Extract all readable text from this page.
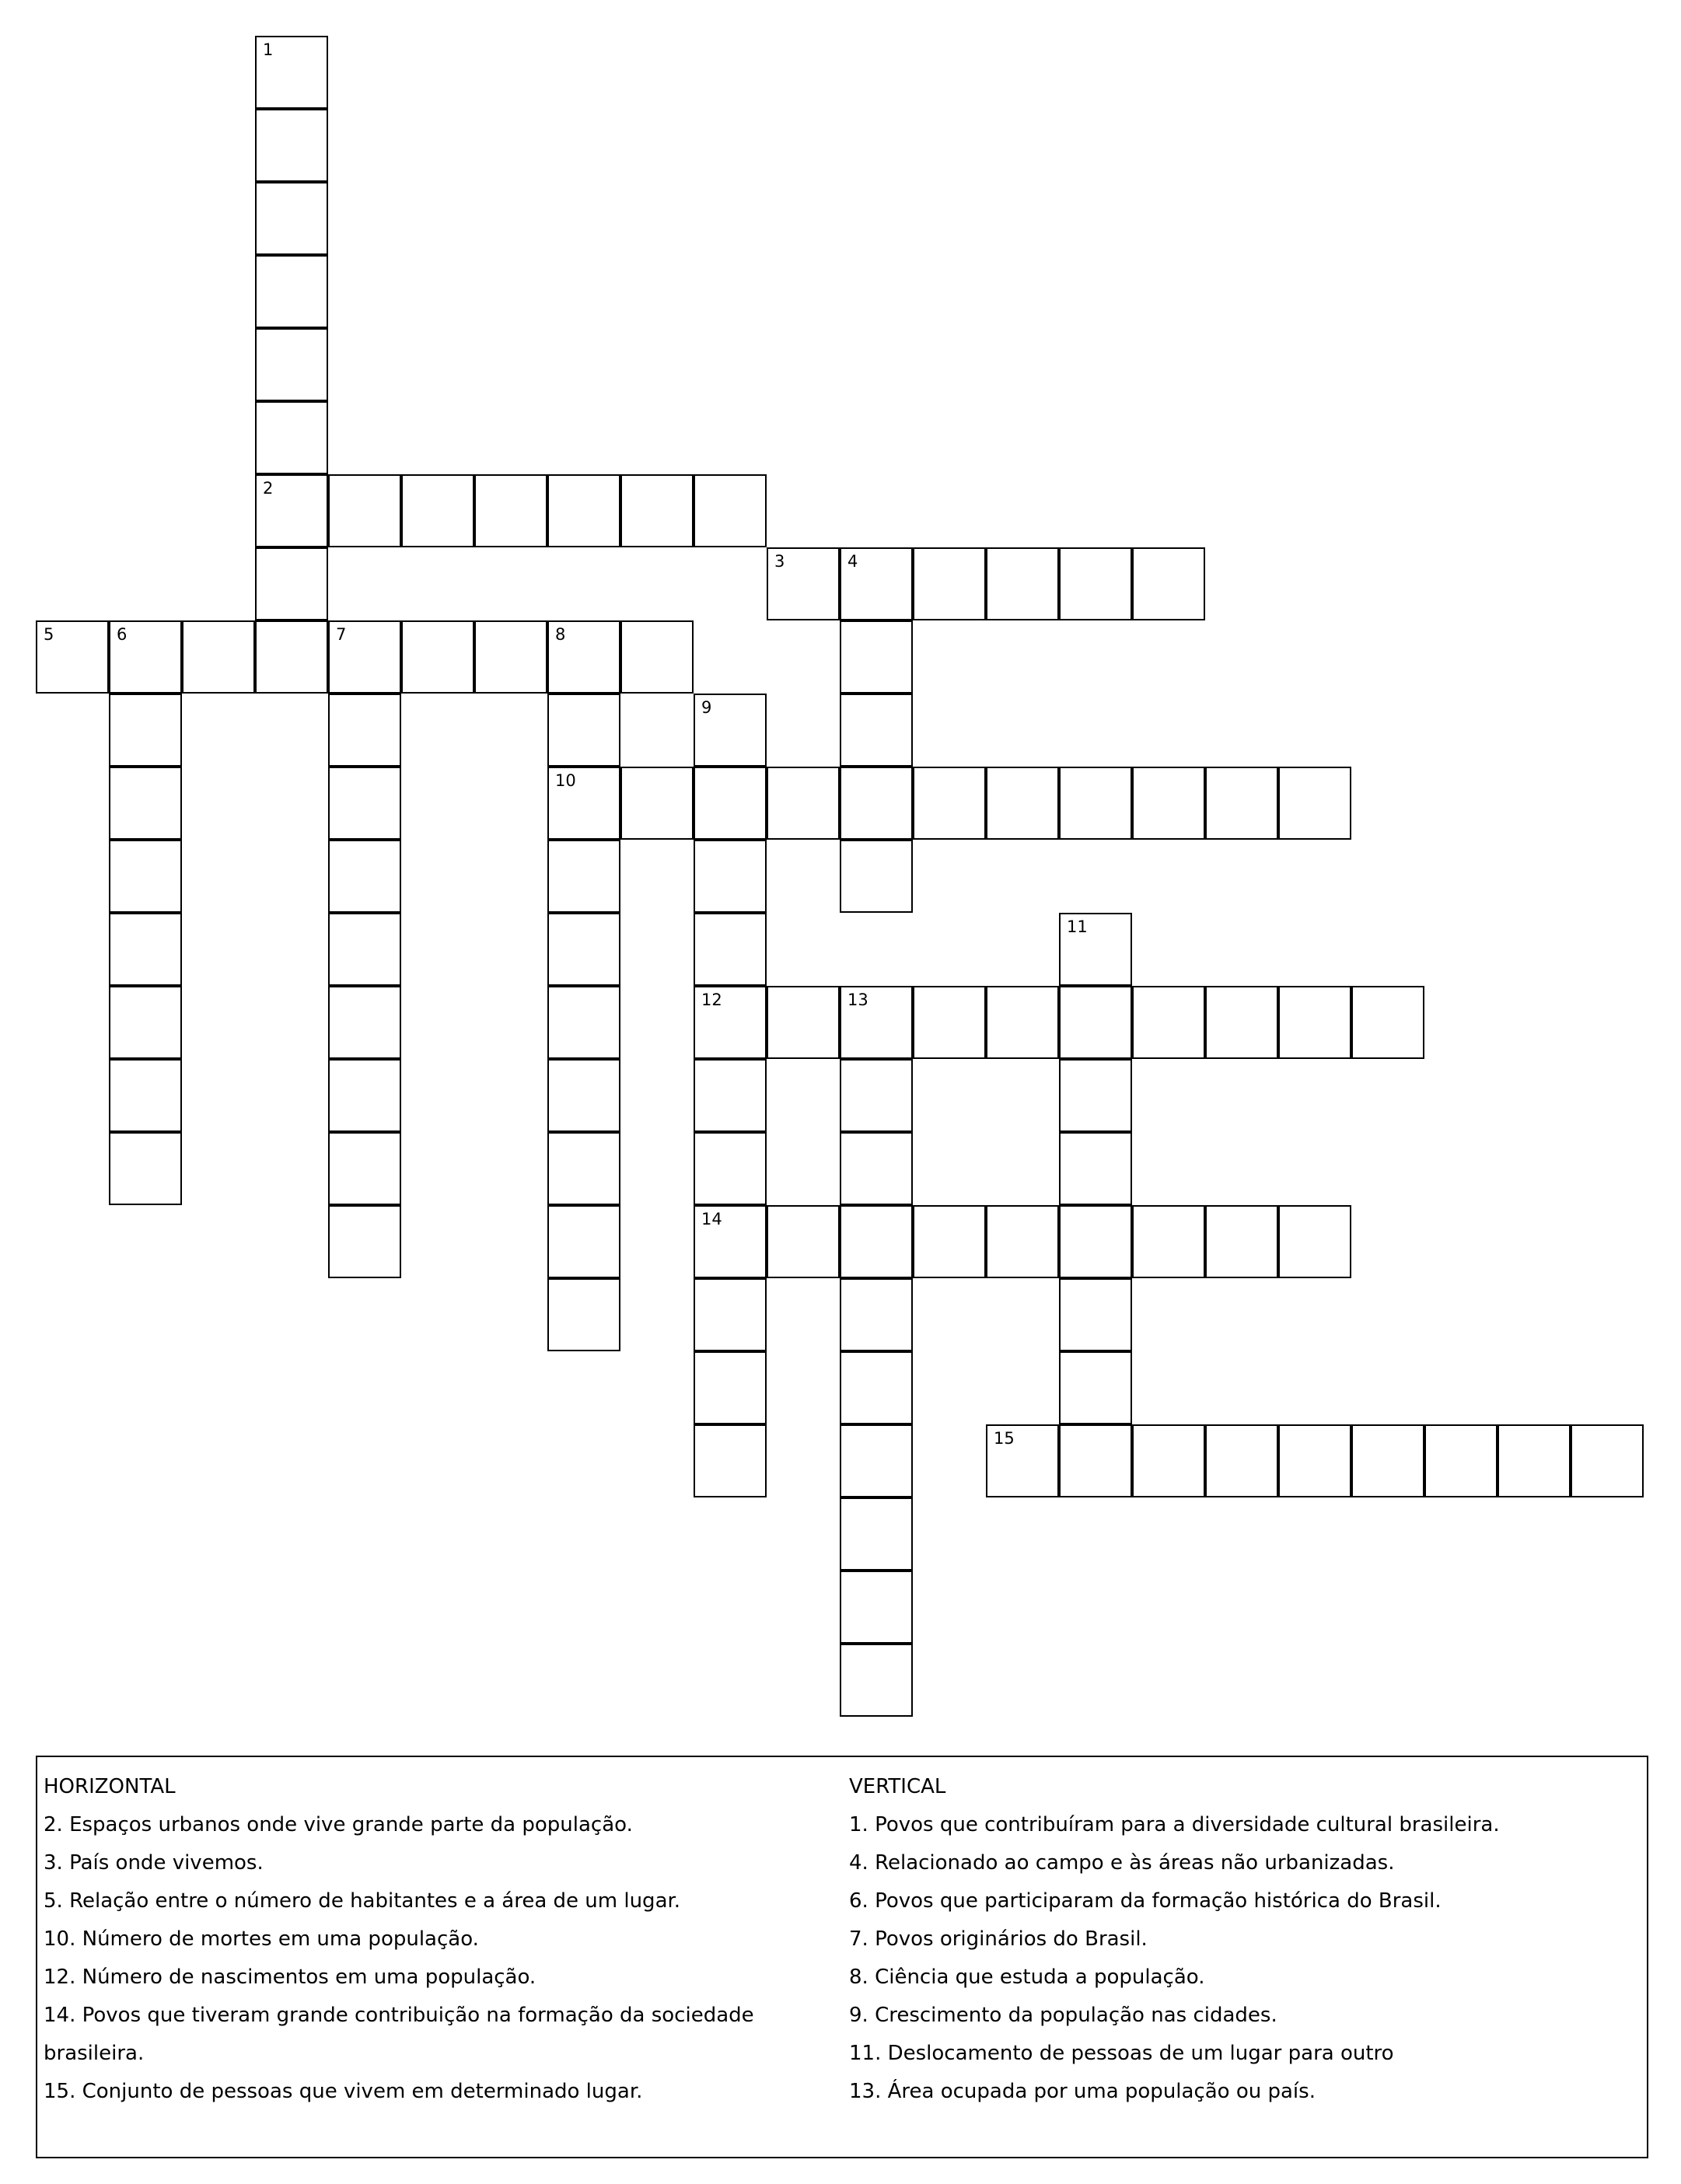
1
2
3	4
5	6	7	8
10
9
12
14
11
13
15
HORIZONTAL

2. Espaços urbanos onde vive grande parte da população.

3. País onde vivemos.

5. Relação entre o número de habitantes e a área de um lugar.

10. Número de mortes em uma população.

12. Número de nascimentos em uma população.

14. Povos que tiveram grande contribuição na formação da sociedade brasileira.

15. Conjunto de pessoas que vivem em determinado lugar.

VERTICAL

1. Povos que contribuíram para a diversidade cultural brasileira.

4. Relacionado ao campo e às áreas não urbanizadas.

6. Povos que participaram da formação histórica do Brasil.

7. Povos originários do Brasil.

8. Ciência que estuda a população.

9. Crescimento da população nas cidades.

11. Deslocamento de pessoas de um lugar para outro

13. Área ocupada por uma população ou país.
